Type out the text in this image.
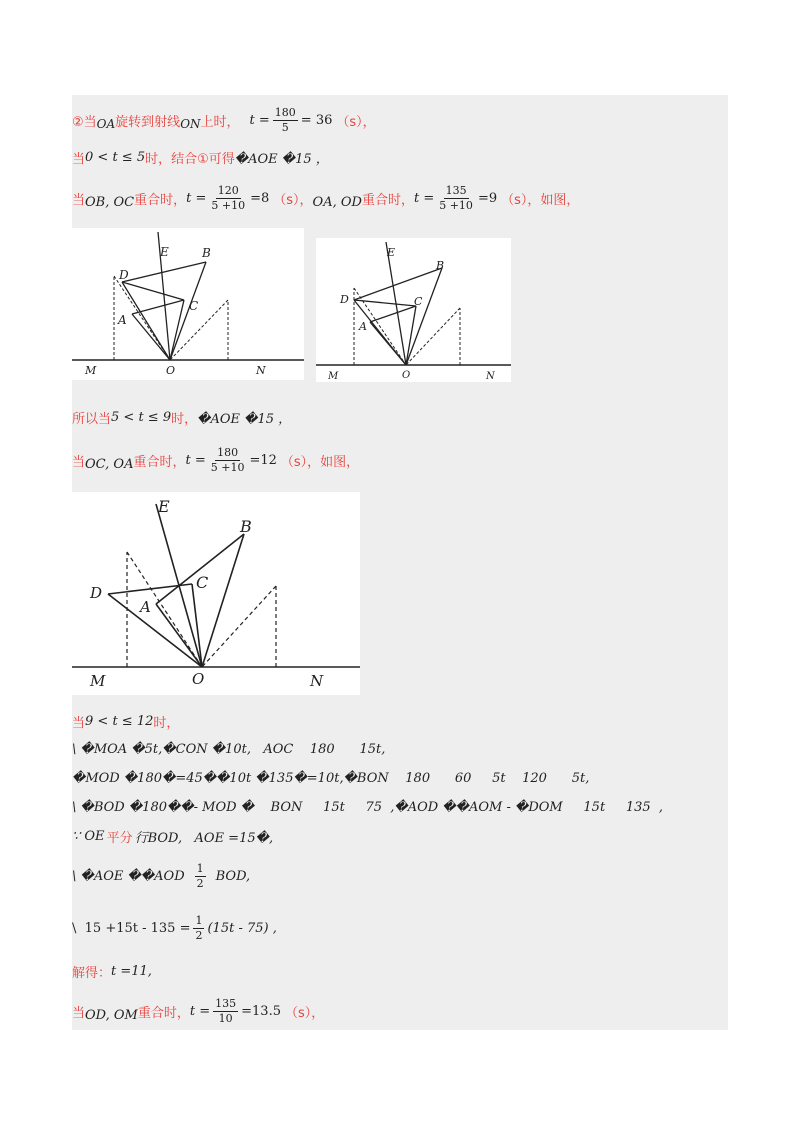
②当 OA 旋转到射线 ON 上时， $t = \frac{180}{5} = 36$ （s），
当 0 < t ≤ 5 时，结合①可得 �AOE �15 ，
当 OB, OC 重合时， $t = \frac{120}{5 +10} =8$ （s）， OA, OD 重合时， $t = \frac{135}{5 +10} =9$ （s），如图，
E	B
D
C
A
M	O	N
E
B
D	C
A
M	O	N
所以当 5 < t ≤ 9 时， �AOE �15 ，
当 OC, OA 重合时， $t = \frac{180}{5 +10} =12$ （s），如图，
E
B
D
C
A
M	O	N
当 9 < t ≤ 12 时，
\ �MOA �5t,�CON �10t,   AOC    180      15t,
�MOD �180�=45��10t �135�=10t,�BON    180      60     5t    120      5t,
\ �BOD �180��- MOD �    BON     15t     75  ,�AOD ��AOM - �DOM     15t     135  ,
∵ OE 平分 行BOD,   AOE =15�,
\ �AOE ��AOD $\frac{1}{2}$ BOD,
\  $15 +15t - 135 = \frac{1}{2} (15t - 75)$ ,
解得： t =11,
当 OD, OM 重合时， $t = \frac{135}{10} =13.5$ （s），
